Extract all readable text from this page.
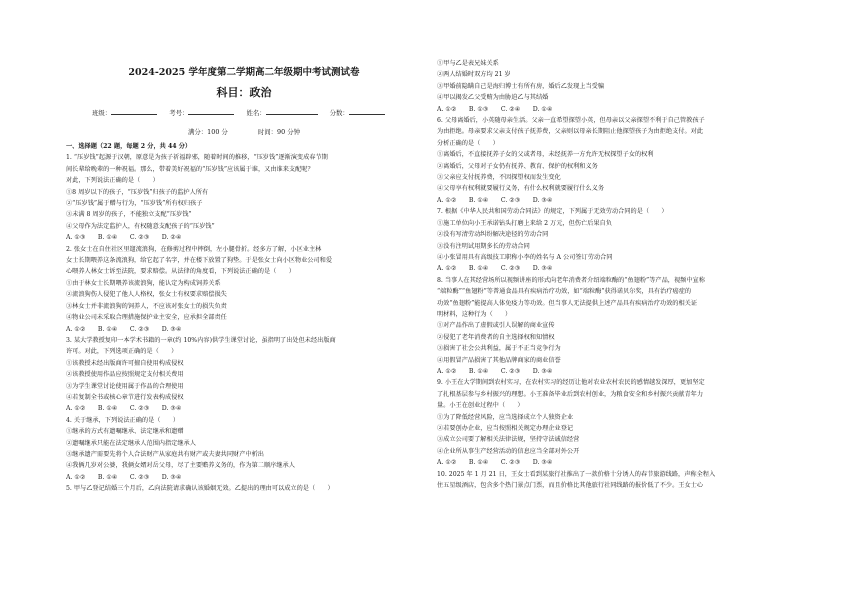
2024-2025 学年度第二学期高二年级期中考试测试卷
科目：政治
班级：	考号：	姓名：	分数：
满分：100 分	时间：90 分钟

一、选择题（22 题，每题 2 分，共 44 分）

1. “压岁钱”起源于汉朝，原意是为孩子祈福辟邪，随着时间的推移，“压岁钱”逐渐演变成春节期

间长辈给晚辈的一种祝福。那么，带着美好祝福的“压岁钱”应该属于谁，又由谁来支配呢？

对此，下列说法正确的是（　　）

①8 周岁以下的孩子，“压岁钱”归孩子的监护人所有

②“压岁钱”属于赠与行为，“压岁钱”所有权归孩子

③未满 8 周岁的孩子，不能独立支配“压岁钱”

④父母作为法定监护人，有权随意支配孩子的“压岁钱”

A. ①③　　B. ①④　　C. ②③　　D. ②④

2. 张女士在自住社区里遛流浪狗，在修剪过程中摔倒，左小腿骨折。经多方了解，小区业主林

女士长期喂养这条流浪狗，给它起了名字，并在楼下放置了狗垫。于是张女士向小区物业公司和爱

心喂养人林女士诉至法院，要求赔偿。从法律的角度看，下列说法正确的是（　　）

①由于林女士长期喂养该流浪狗，能认定为构成饲养关系

②流浪狗伤人侵犯了他人人格权，张女士有权要求赔偿损失

③林女士并非流浪狗的饲养人，不应该对张女士的损失负责

④物业公司未采取合理措施保护业主安全，应承担全部责任

A. ①②　　B. ①④　　C. ②③　　D. ③④

3. 某大学教授复印一本学术书籍的一章(约 10%内容)供学生课堂讨论，虽指明了出处但未经出版商

许可。对此，下列选项正确的是（　　）

①该教授未经出版商许可擅自使用构成侵权

②该教授使用作品应按照规定支付相关费用

③为学生课堂讨论使用属于作品的合理使用

④若复制全书或核心章节进行发表构成侵权

A. ①②　　B. ①④　　C. ②③　　D. ③④

4. 关于继承，下列说法正确的是（　　）

①继承的方式有遗嘱继承、法定继承和遗赠

②遗嘱继承只能在法定继承人范围内指定继承人

③继承遗产需要先将个人合法财产从家庭共有财产或夫妻共同财产中析出

④我俩几岁对公婆，我俩女婿对岳父母，尽了主要赡养义务的，作为第二顺序继承人

A. ①②　　B. ①④　　C. ②③　　D. ③④

5. 甲与乙登记结婚三个月后，乙向法院请求确认该婚姻无效。乙提出的理由可以成立的是（　　）

①甲与乙是表兄妹关系

②两人结婚时双方均 21 岁

③甲婚前隐瞒自己是海归博士有所有房，婚后乙发现上当受骗

④甲以揭发乙父受贿为由胁迫乙与其结婚

A. ①②　　B. ①③　　C. ②④　　D. ①④

6. 父母离婚后，小英随母亲生活。父亲一直希望探望小英，但母亲以父亲探望不利于自己管教孩子

为由拒绝。母亲要求父亲支付孩子抚养费，父亲则以母亲长期阻止他探望孩子为由拒绝支付。对此

分析正确的是（　　）

①离婚后，不直接抚养子女的父或者母，未经抚养一方允许无权探望子女的权利

②离婚后，父母对子女仍有抚养、教育、保护的权利和义务

③父亲应支付抚养费，不因探望权而发生变化

④父母享有权利就要履行义务，有什么权利就要履行什么义务

A. ①②　　B. ①④　　C. ②③　　D. ③④

7. 根据《中华人民共和国劳动合同法》的规定，下列属于无效劳动合同的是（　　）

①施工单位向小王承诺钻头打磨上来给 2 万元，但伤亡后果自负

②没有写清劳动纠纷解决途径的劳动合同

③没有注明试用期多长的劳动合同

④小张冒用具有高级技工职称小李的姓名与 A 公司签订劳动合同

A. ①②　　B. ①④　　C. ②③　　D. ③④

8. 当事人在其经营场所以视频讲座的形式向老年消费者介绍端粒酶的“鱼翅粉”等产品，视频中宣称

“端粒酶”“鱼翅粉”等普通食品具有疾病治疗功效，如“端粒酶”获得诺贝尔奖，具有治疗癌症的

功效“鱼翅粉”能提高人体免疫力等功效。但当事人无法提供上述产品具有疾病治疗功效的相关证

明材料，这种行为（　　）

①对产品作出了虚假或引人误解的商业宣传

②侵犯了老年消费者的自主选择权和知情权

③损害了社会公共利益，属于不正当竞争行为

④用假冒产品损害了其他品牌商家的商业信誉

A. ①②　　B. ①④　　C. ②③　　D. ③④

9. 小王在大学期间到农村实习，在农村实习的经历让他对农业农村农民的感情越发深厚，更加坚定

了扎根基层参与乡村振兴的理想。小王准备毕业后到农村创业，为粮食安全和乡村振兴贡献青年力

量。小王在创业过程中（　　）

①为了降低经营风险，应当选择成立个人独资企业

②若要创办企业，应当按照相关规定办理企业登记

③成立公司要了解相关法律法规，坚持守法诚信经营

④企业所从事生产经营活动的信息应当全部对外公开

A. ①②　　B. ①④　　C. ②③　　D. ③④

10. 2025 年 1 月 21 日，王女士看到某旅行社推出了一款价格十分诱人的春节旅游线路，声称全程入

住五星级酒店，包含多个热门景点门票，而且价格比其他旅行社同线路的报价低了不少。王女士心
